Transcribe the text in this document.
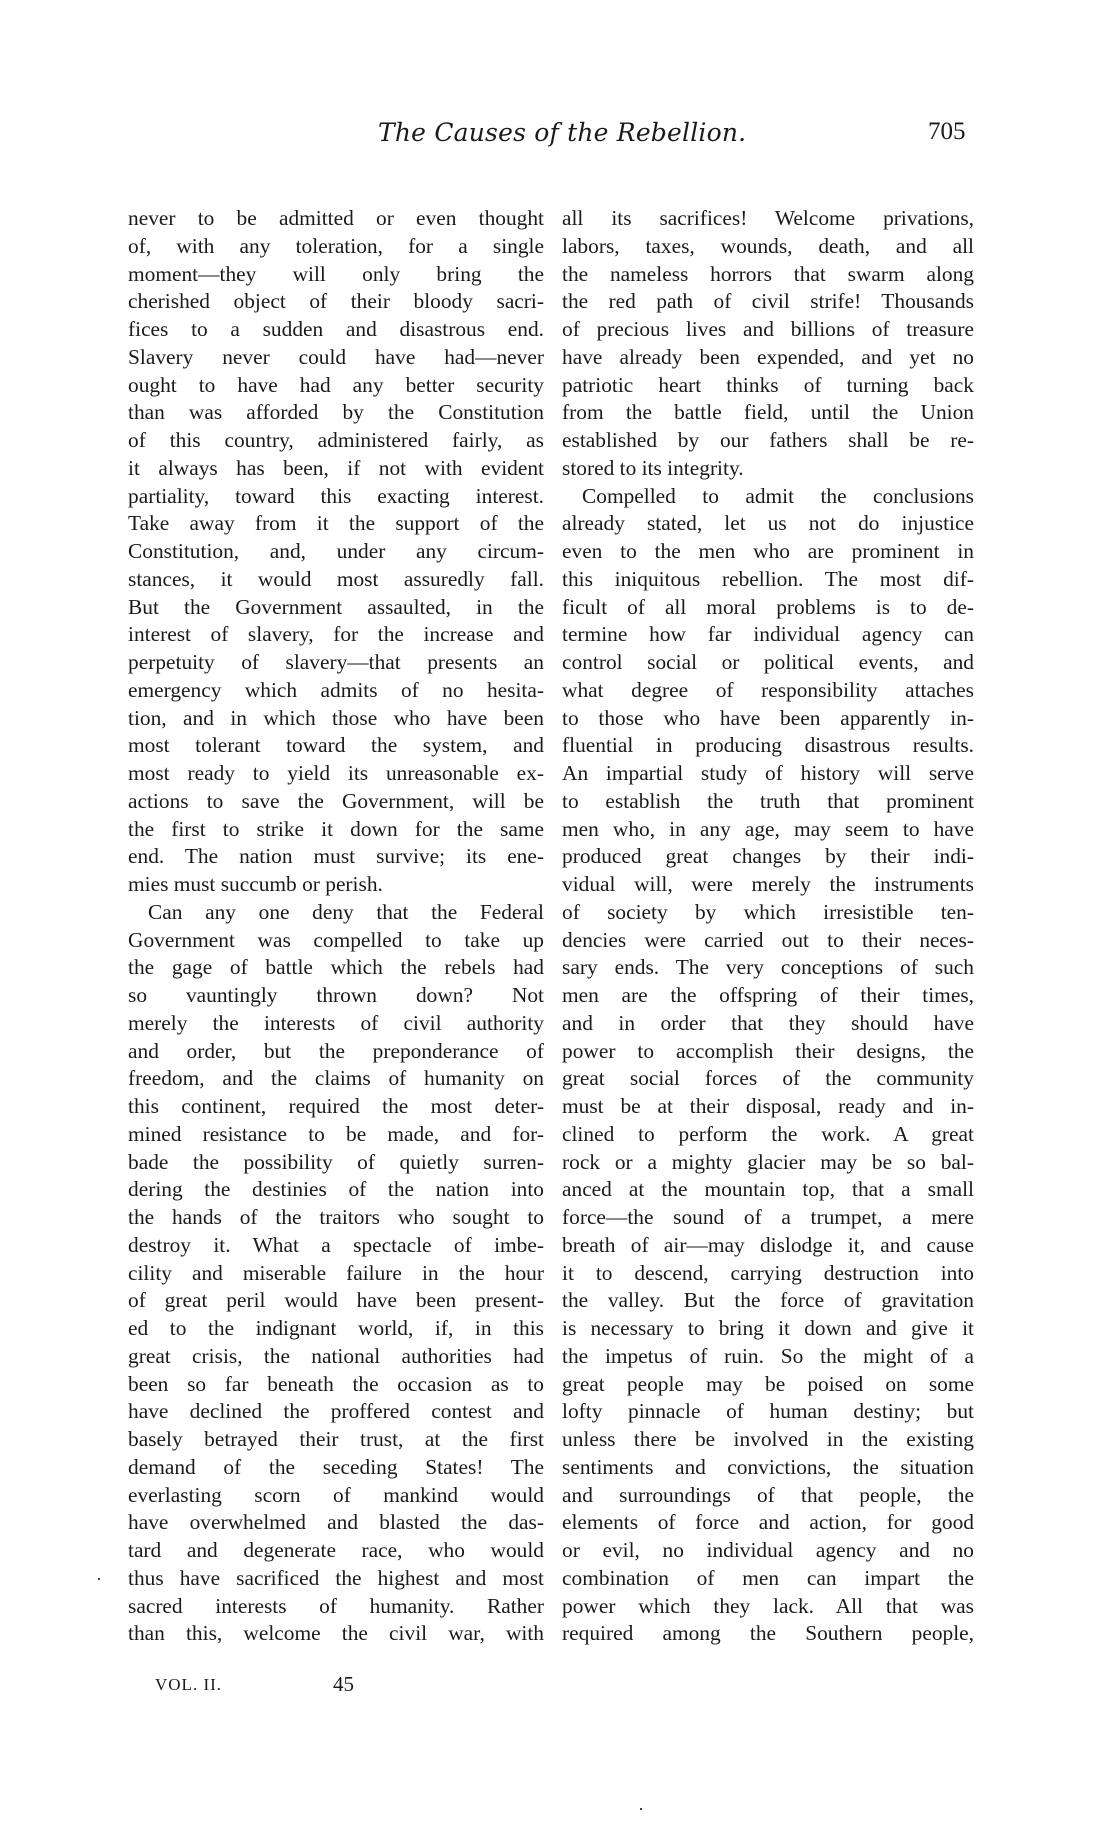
The Causes of the Rebellion.	705
never to be admitted or even thought
of, with any toleration, for a single
moment—they will only bring the
cherished object of their bloody sacri-
fices to a sudden and disastrous end.
Slavery never could have had—never
ought to have had any better security
than was afforded by the Constitution
of this country, administered fairly, as
it always has been, if not with evident
partiality, toward this exacting interest.
Take away from it the support of the
Constitution, and, under any circum-
stances, it would most assuredly fall.
But the Government assaulted, in the
interest of slavery, for the increase and
perpetuity of slavery—that presents an
emergency which admits of no hesita-
tion, and in which those who have been
most tolerant toward the system, and
most ready to yield its unreasonable ex-
actions to save the Government, will be
the first to strike it down for the same
end. The nation must survive; its ene-
mies must succumb or perish.
Can any one deny that the Federal
Government was compelled to take up
the gage of battle which the rebels had
so vauntingly thrown down? Not
merely the interests of civil authority
and order, but the preponderance of
freedom, and the claims of humanity on
this continent, required the most deter-
mined resistance to be made, and for-
bade the possibility of quietly surren-
dering the destinies of the nation into
the hands of the traitors who sought to
destroy it. What a spectacle of imbe-
cility and miserable failure in the hour
of great peril would have been present-
ed to the indignant world, if, in this
great crisis, the national authorities had
been so far beneath the occasion as to
have declined the proffered contest and
basely betrayed their trust, at the first
demand of the seceding States! The
everlasting scorn of mankind would
have overwhelmed and blasted the das-
tard and degenerate race, who would
thus have sacrificed the highest and most
sacred interests of humanity. Rather
than this, welcome the civil war, with
all its sacrifices! Welcome privations,
labors, taxes, wounds, death, and all
the nameless horrors that swarm along
the red path of civil strife! Thousands
of precious lives and billions of treasure
have already been expended, and yet no
patriotic heart thinks of turning back
from the battle field, until the Union
established by our fathers shall be re-
stored to its integrity.
Compelled to admit the conclusions
already stated, let us not do injustice
even to the men who are prominent in
this iniquitous rebellion. The most dif-
ficult of all moral problems is to de-
termine how far individual agency can
control social or political events, and
what degree of responsibility attaches
to those who have been apparently in-
fluential in producing disastrous results.
An impartial study of history will serve
to establish the truth that prominent
men who, in any age, may seem to have
produced great changes by their indi-
vidual will, were merely the instruments
of society by which irresistible ten-
dencies were carried out to their neces-
sary ends. The very conceptions of such
men are the offspring of their times,
and in order that they should have
power to accomplish their designs, the
great social forces of the community
must be at their disposal, ready and in-
clined to perform the work. A great
rock or a mighty glacier may be so bal-
anced at the mountain top, that a small
force—the sound of a trumpet, a mere
breath of air—may dislodge it, and cause
it to descend, carrying destruction into
the valley. But the force of gravitation
is necessary to bring it down and give it
the impetus of ruin. So the might of a
great people may be poised on some
lofty pinnacle of human destiny; but
unless there be involved in the existing
sentiments and convictions, the situation
and surroundings of that people, the
elements of force and action, for good
or evil, no individual agency and no
combination of men can impart the
power which they lack. All that was
required among the Southern people,
VOL. II.	45
